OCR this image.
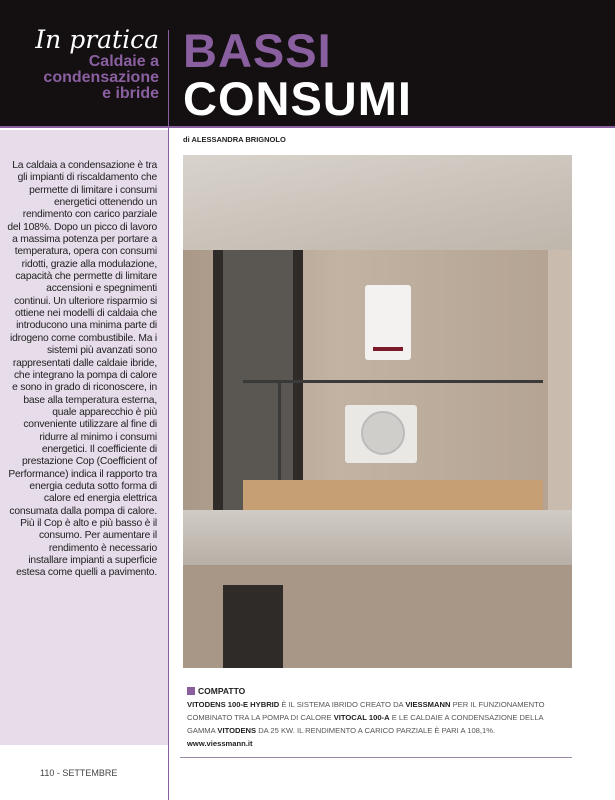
In pratica
Caldaie a
condensazione
e ibride
BASSI
CONSUMI
di ALESSANDRA BRIGNOLO
La caldaia a condensazione è tra gli impianti di riscaldamento che permette di limitare i consumi energetici ottenendo un rendimento con carico parziale del 108%. Dopo un picco di lavoro a massima potenza per portare a temperatura, opera con consumi ridotti, grazie alla modulazione, capacità che permette di limitare accensioni e spegnimenti continui. Un ulteriore risparmio si ottiene nei modelli di caldaia che introducono una minima parte di idrogeno come combustibile. Ma i sistemi più avanzati sono rappresentati dalle caldaie ibride, che integrano la pompa di calore e sono in grado di riconoscere, in base alla temperatura esterna, quale apparecchio è più conveniente utilizzare al fine di ridurre al minimo i consumi energetici. Il coefficiente di prestazione Cop (Coefficient of Performance) indica il rapporto tra energia ceduta sotto forma di calore ed energia elettrica consumata dalla pompa di calore. Più il Cop è alto e più basso è il consumo. Per aumentare il rendimento è necessario installare impianti a superficie estesa come quelli a pavimento.
COMPATTO
VITODENS 100-E HYBRID È IL SISTEMA IBRIDO CREATO DA VIESSMANN PER IL FUNZIONAMENTO COMBINATO TRA LA POMPA DI CALORE VITOCAL 100-A E LE CALDAIE A CONDENSAZIONE DELLA GAMMA VITODENS DA 25 KW. IL RENDIMENTO A CARICO PARZIALE È PARI A 108,1%.
www.viessmann.it
110 - SETTEMBRE
